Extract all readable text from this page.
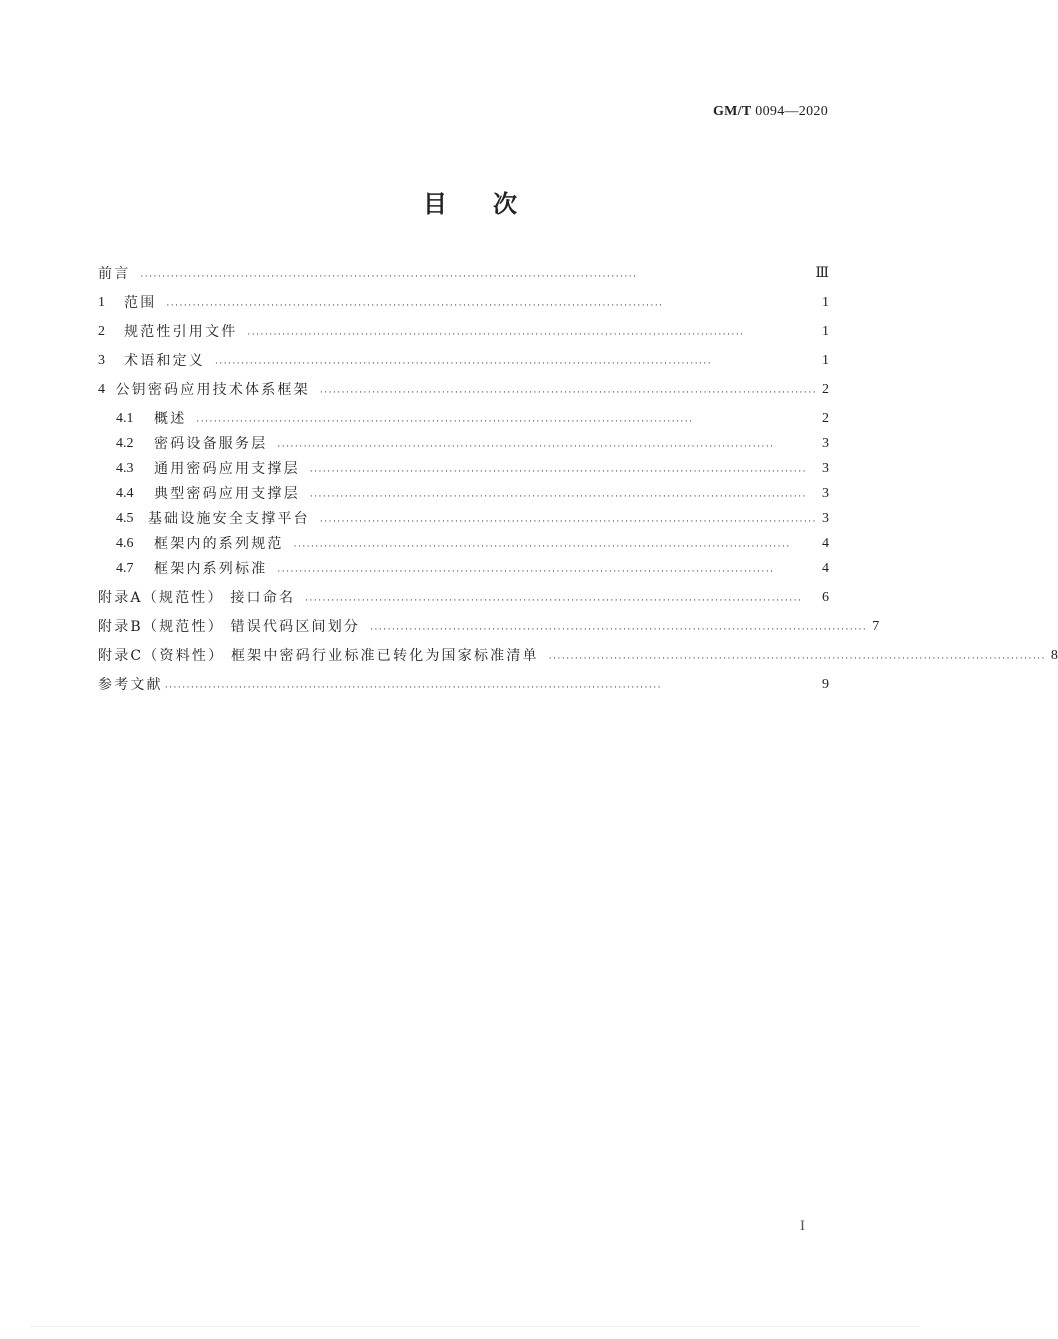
GM/T 0094—2020
目次
前言 ··················································································································	Ⅲ
1	范围 ··················································································································	1
2	规范性引用文件 ··················································································································	1
3	术语和定义 ··················································································································	1
4 公钥密码应用技术体系框架 ·················································································································· 2
4.1	概述 ··················································································································	2
4.2	密码设备服务层 ··················································································································	3
4.3	通用密码应用支撑层 ··················································································································	3
4.4	典型密码应用支撑层 ··················································································································	3
4.5	基础设施安全支撑平台 ·················································································································· 3
4.6	框架内的系列规范 ··················································································································	4
4.7	框架内系列标准 ··················································································································	4
附录A（规范性） 接口命名 ··················································································································	6
附录B（规范性） 错误代码区间划分 ·················································································································· 7
附录C（资料性） 框架中密码行业标准已转化为国家标准清单 ·················································································································· 8
参考文献 ··················································································································	9
I
